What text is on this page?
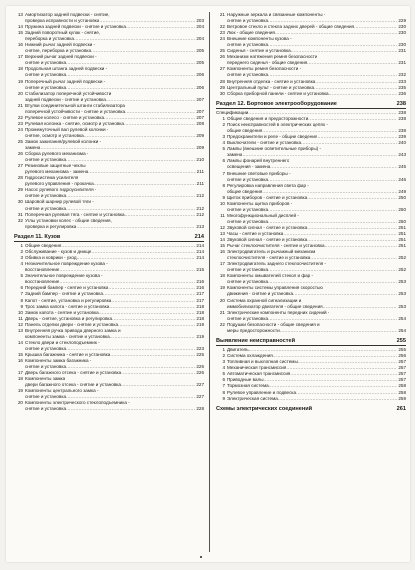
13 Амортизатор задней подвески - снятие,
проверка исправности и установка .....	203
14 Пружина задней подвески - снятие и установка .....	204
15 Задний поворотный кулак - снятие,
переборка и установка .....	204
16 Нижний рычаг задней подвески -
снятие, переборка и установка .....	205
17 Верхний рычаг задней подвески -
снятие и установка .....	205
18 Продольная штанга задней подвески -
снятие и установка .....	206
19 Поперечный рычаг задней подвески -
снятие и установка .....	206
20 Стабилизатор поперечной устойчивости
задней подвески - снятие и установка .....	207
21 Втулки соединительной штанги стабилизатора
поперечной устойчивости - снятие и установка .....	207
22 Рулевое колесо - снятие и установка .....	207
23 Рулевая колонка - снятие, осмотр и установка .....	208
24 Промежуточный вал рулевой колонки -
снятие, осмотр и установка .....	209
25 Замок зажигания/рулевой колонки -
замена .....	209
26 Сборка рулевого механизма -
снятие и установка .....	210
27 Резиновые защитные чехлы
рулевого механизма - замена .....	211
28 Гидросистема усилителя
рулевого управления - прокачка .....	211
29 Насос рулевого гидроусилителя -
снятие и установка .....	212
30 Шаровой шарнир рулевой тяги -
снятие и установка .....	212
31 Поперечная рулевая тяга - снятие и установка .....	212
32 Углы установки колес - общие сведения,
проверка и регулировка .....	213
Раздел 11. Кузов	214
1 Общие сведения .....	214
2 Обслуживание - кузов и днище .....	214
3 Обивка и коврики - уход .....	214
4 Незначительное повреждение кузова -
восстановление .....	215
5 Значительное повреждение кузова -
восстановление .....	216
6 Передний бампер - снятие и установка .....	216
7 Задний бампер - снятие и установка .....	217
8 Капот - снятие, установка и регулировка .....	217
9 Трос замка капота - снятие и установка .....	218
10 Замок капота - снятие и установка .....	218
11 Дверь - снятие, установка и регулировка .....	218
12 Панель отделки двери - снятие и установка .....	219
13 Внутренняя ручка привода дверного замка и
компоненты замка - снятие и установка .....	219
14 Стекло двери и стеклоподъемник -
снятие и установка .....	223
15 Крышка багажника - снятие и установка .....	225
16 Компоненты замка багажника -
снятие и установка .....	226
17 Дверь багажного отсека - снятие и установка .....	226
18 Компоненты замка
двери багажного отсека - снятие и установка .....	227
19 Компоненты центрального замка -
снятие и установка .....	227
20 Компоненты электрического стеклоподъемника -
снятие и установка .....	228
21 Наружные зеркала и связанные компоненты -
снятие и установка .....	229
22 Ветровое стекло и стекла задних дверей - общие сведения .....	230
23 Люк - общие сведения .....	230
24 Внешние компоненты кузова -
снятие и установка .....	230
25 Сиденья - снятие и установка .....	231
26 Механизм натяжения ремня безопасности
переднего сиденья - общие сведения .....	231
27 Компоненты ремня безопасности -
снятие и установка .....	232
28 Внутренняя отделка - снятие и установка .....	233
29 Центральный пульт - снятие и установка .....	235
30 Сборка приборной панели - снятие и установка .....	236
Раздел 12. Бортовое электрооборудование	238
Спецификации .....	238
1 Общие сведения и предосторожности .....	238
2 Поиск неисправностей в электрических цепях -
общие сведения .....	238
3 Предохранители и реле - общие сведения .....	239
4 Выключатели - снятие и установка .....	240
5 Лампы (внешние осветительные приборы) -
замена .....	243
6 Лампы фонарей внутреннего
освещения - замена .....	245
7 Внешние световые приборы -
снятие и установка .....	246
8 Регулировка направления света фар -
общие сведения .....	249
9 Щиток приборов - снятие и установка .....	250
10 Компоненты щитка приборов -
снятие и установка .....	250
11 Многофункциональный дисплей -
снятие и установка .....	250
12 Звуковой сигнал - снятие и установка .....	251
13 Часы - снятие и установка .....	251
14 Звуковой сигнал - снятие и установка .....	251
15 Рычаг стеклоочистителя - снятие и установка .....	251
16 Электродвигатель и рычажный механизм
стеклоочистителя - снятие и установка .....	252
17 Электродвигатель заднего стеклоочистителя -
снятие и установка .....	252
18 Компоненты омывателей стекол и фар -
снятие и установка .....	253
19 Компоненты системы управления скоростью
движения - снятие и установка .....	253
20 Система охранной сигнализации и
иммобилизатор двигателя - общие сведения .....	253
21 Электрические компоненты передних сидений -
снятие и установка .....	254
22 Подушки безопасности - общие сведения и
меры предосторожности .....	254
Выявление неисправностей	255
1 Двигатель .....	255
2 Система охлаждения .....	256
3 Топливная и выхлопная системы .....	257
4 Механическая трансмиссия .....	257
5 Автоматическая трансмиссия .....	257
6 Приводные валы .....	257
7 Тормозная система .....	258
8 Рулевое управление и подвеска .....	258
9 Электрическая система .....	259
Схемы электрических соединений	261
